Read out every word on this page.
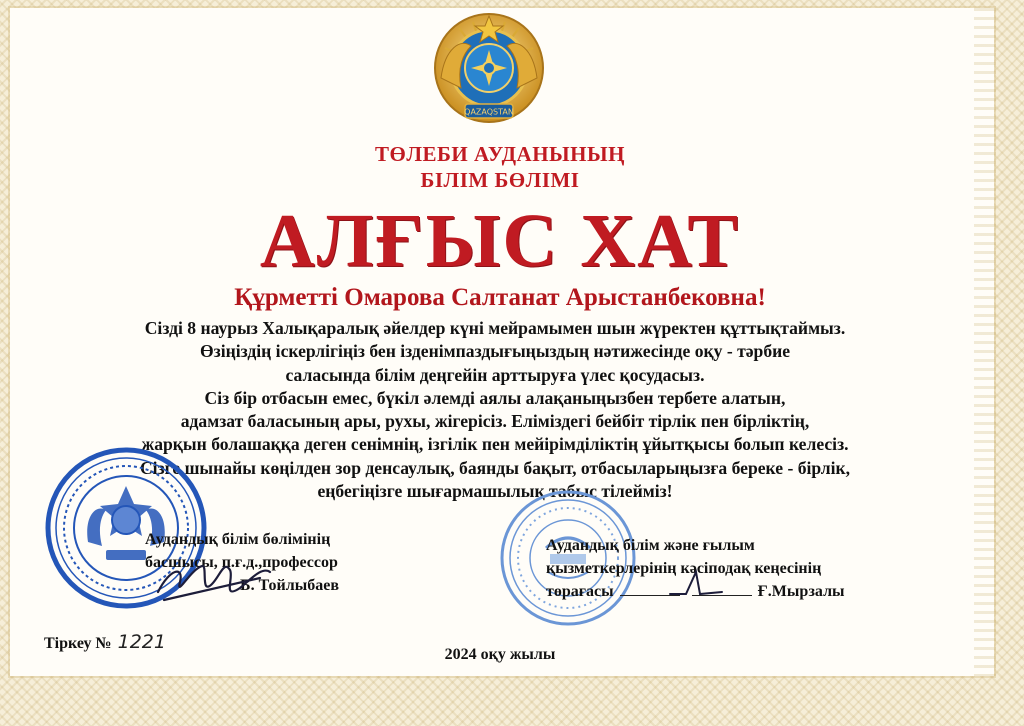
QAZAQSTAN
ТӨЛЕБИ АУДАНЫНЫҢ
БІЛІМ БӨЛІМІ
АЛҒЫС ХАТ
Құрметті Омарова Салтанат Арыстанбековна!
Сізді 8 наурыз Халықаралық әйелдер күні мейрамымен шын жүректен құттықтаймыз.
Өзіңіздің іскерлігіңіз бен ізденімпаздығыңыздың нәтижесінде оқу - тәрбие
саласында білім деңгейін арттыруға үлес қосудасыз.
Сіз бір отбасын емес, бүкіл әлемді аялы алақаныңызбен тербете алатын,
адамзат баласының ары, рухы, жігерісіз. Еліміздегі бейбіт тірлік пен бірліктің,
жарқын болашаққа деген сенімнің, ізгілік пен мейірімділіктің ұйытқысы болып келесіз.
Сізге шынайы көңілден зор денсаулық, баянды бақыт, отбасыларыңызға береке - бірлік,
еңбегіңізге шығармашылық табыс тілейміз!
Аудандық білім бөлімінің
басшысы, п.ғ.д.,профессор
Б. Тойлыбаев
Аудандық білім және ғылым
қызметкерлерінің кәсіподақ кеңесінің
төрағасы	Ғ.Мырзалы
Тіркеу № 1221
2024 оқу жылы
